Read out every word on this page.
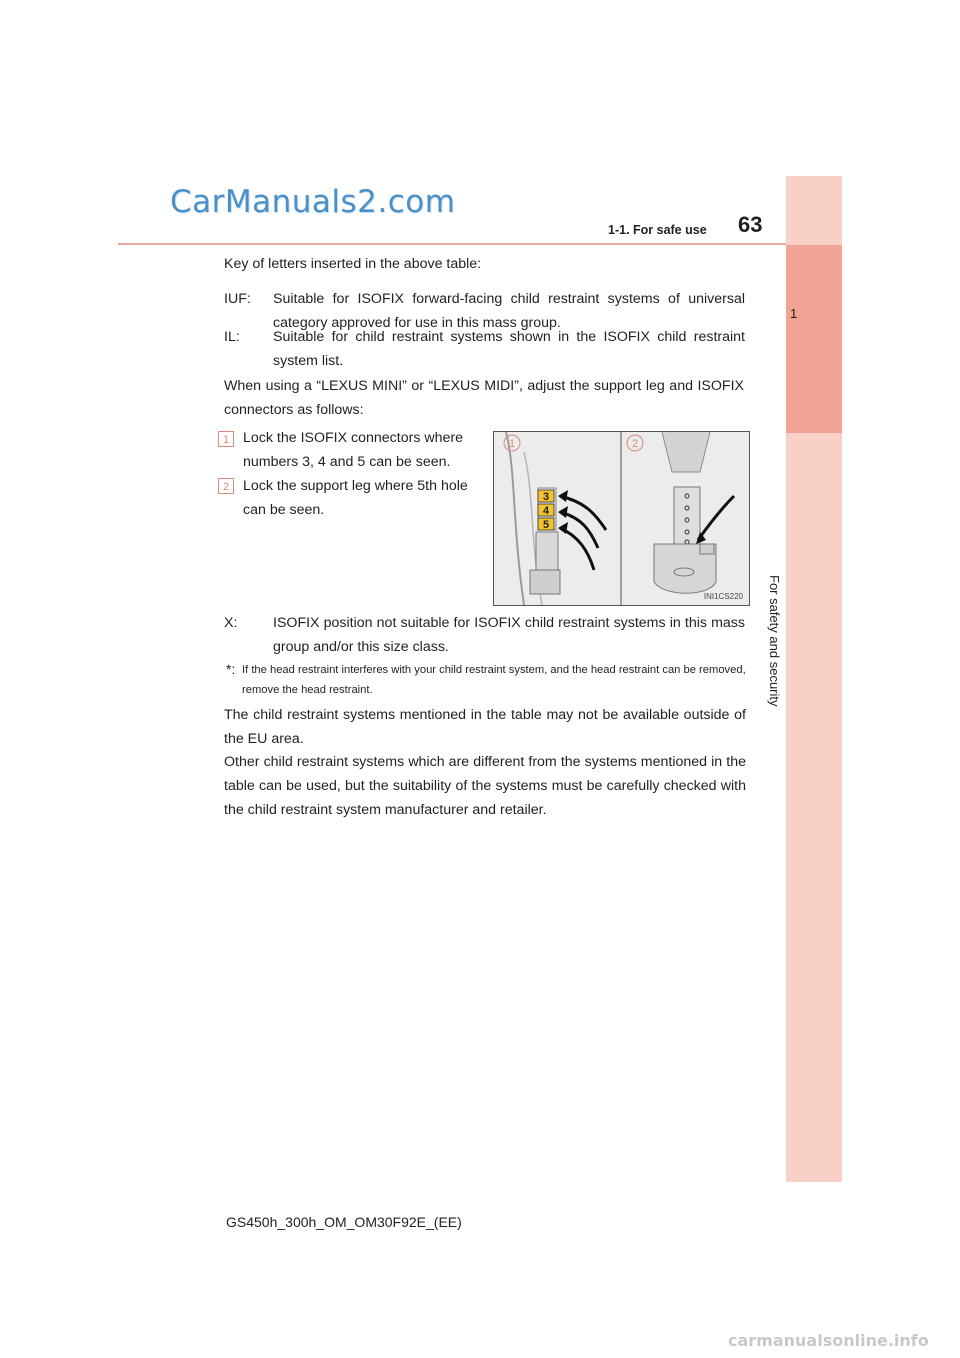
1
For safety and security
CarManuals2.com
1-1. For safe use 63

Key of letters inserted in the above table:

IUF: Suitable for ISOFIX forward-facing child restraint systems of universal category approved for use in this mass group.
IL: Suitable for child restraint systems shown in the ISOFIX child restraint system list.

When using a “LEXUS MINI” or “LEXUS MIDI”, adjust the support leg and ISOFIX connectors as follows:

1 Lock the ISOFIX connectors where numbers 3, 4 and 5 can be seen.
2 Lock the support leg where 5th hole can be seen.
3
4
5
1	2
INI1CS220
X:	ISOFIX position not suitable for ISOFIX child restraint systems in this mass group and/or this size class.
*: If the head restraint interferes with your child restraint system, and the head restraint can be removed, remove the head restraint.

The child restraint systems mentioned in the table may not be available outside of the EU area.

Other child restraint systems which are different from the systems mentioned in the table can be used, but the suitability of the systems must be carefully checked with the child restraint system manufacturer and retailer.

GS450h_300h_OM_OM30F92E_(EE)
carmanualsonline.info
